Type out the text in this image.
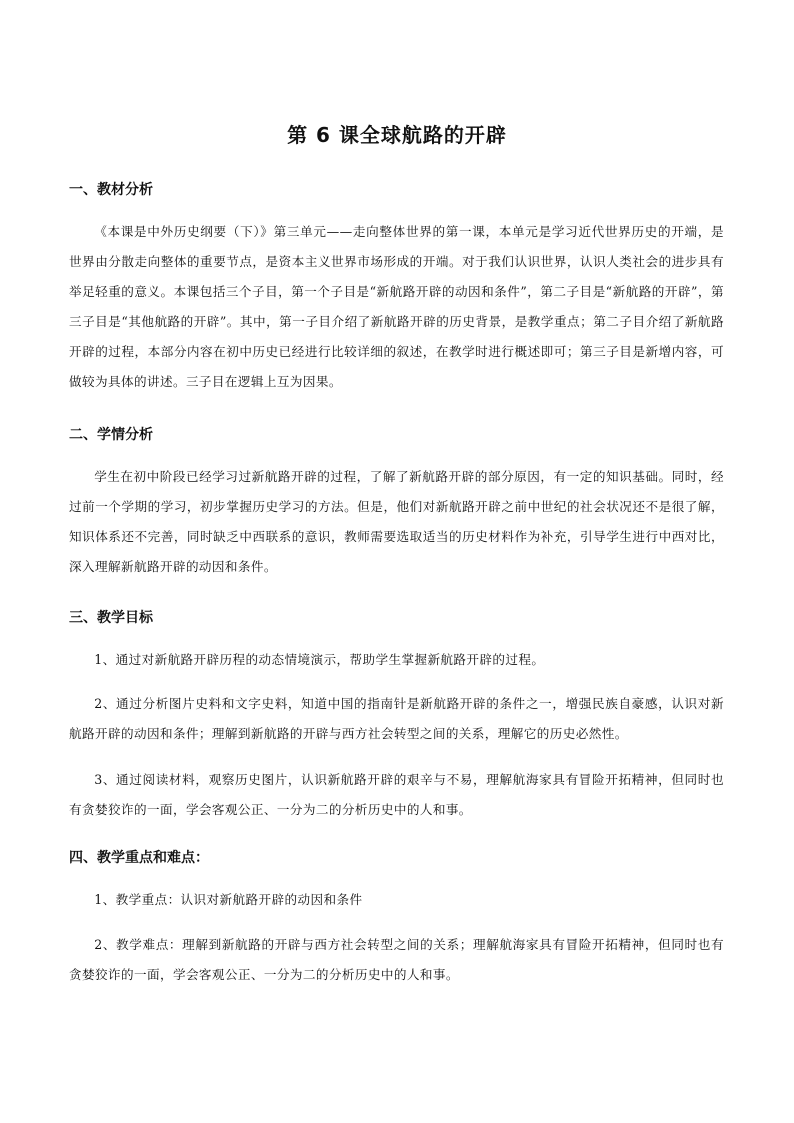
第 6 课全球航路的开辟
一、教材分析

《本课是中外历史纲要（下）》第三单元——走向整体世界的第一课，本单元是学习近代世界历史的开端，是世界由分散走向整体的重要节点，是资本主义世界市场形成的开端。对于我们认识世界，认识人类社会的进步具有举足轻重的意义。本课包括三个子目，第一个子目是“新航路开辟的动因和条件”，第二子目是“新航路的开辟”，第三子目是“其他航路的开辟”。其中，第一子目介绍了新航路开辟的历史背景，是教学重点；第二子目介绍了新航路开辟的过程，本部分内容在初中历史已经进行比较详细的叙述，在教学时进行概述即可；第三子目是新增内容，可做较为具体的讲述。三子目在逻辑上互为因果。

二、学情分析

学生在初中阶段已经学习过新航路开辟的过程，了解了新航路开辟的部分原因，有一定的知识基础。同时，经过前一个学期的学习，初步掌握历史学习的方法。但是，他们对新航路开辟之前中世纪的社会状况还不是很了解，知识体系还不完善，同时缺乏中西联系的意识，教师需要选取适当的历史材料作为补充，引导学生进行中西对比，深入理解新航路开辟的动因和条件。

三、教学目标

1、通过对新航路开辟历程的动态情境演示，帮助学生掌握新航路开辟的过程。

2、通过分析图片史料和文字史料，知道中国的指南针是新航路开辟的条件之一，增强民族自豪感，认识对新航路开辟的动因和条件；理解到新航路的开辟与西方社会转型之间的关系，理解它的历史必然性。

3、通过阅读材料，观察历史图片，认识新航路开辟的艰辛与不易，理解航海家具有冒险开拓精神，但同时也有贪婪狡诈的一面，学会客观公正、一分为二的分析历史中的人和事。

四、教学重点和难点：

1、教学重点：认识对新航路开辟的动因和条件

2、教学难点：理解到新航路的开辟与西方社会转型之间的关系；理解航海家具有冒险开拓精神，但同时也有贪婪狡诈的一面，学会客观公正、一分为二的分析历史中的人和事。
